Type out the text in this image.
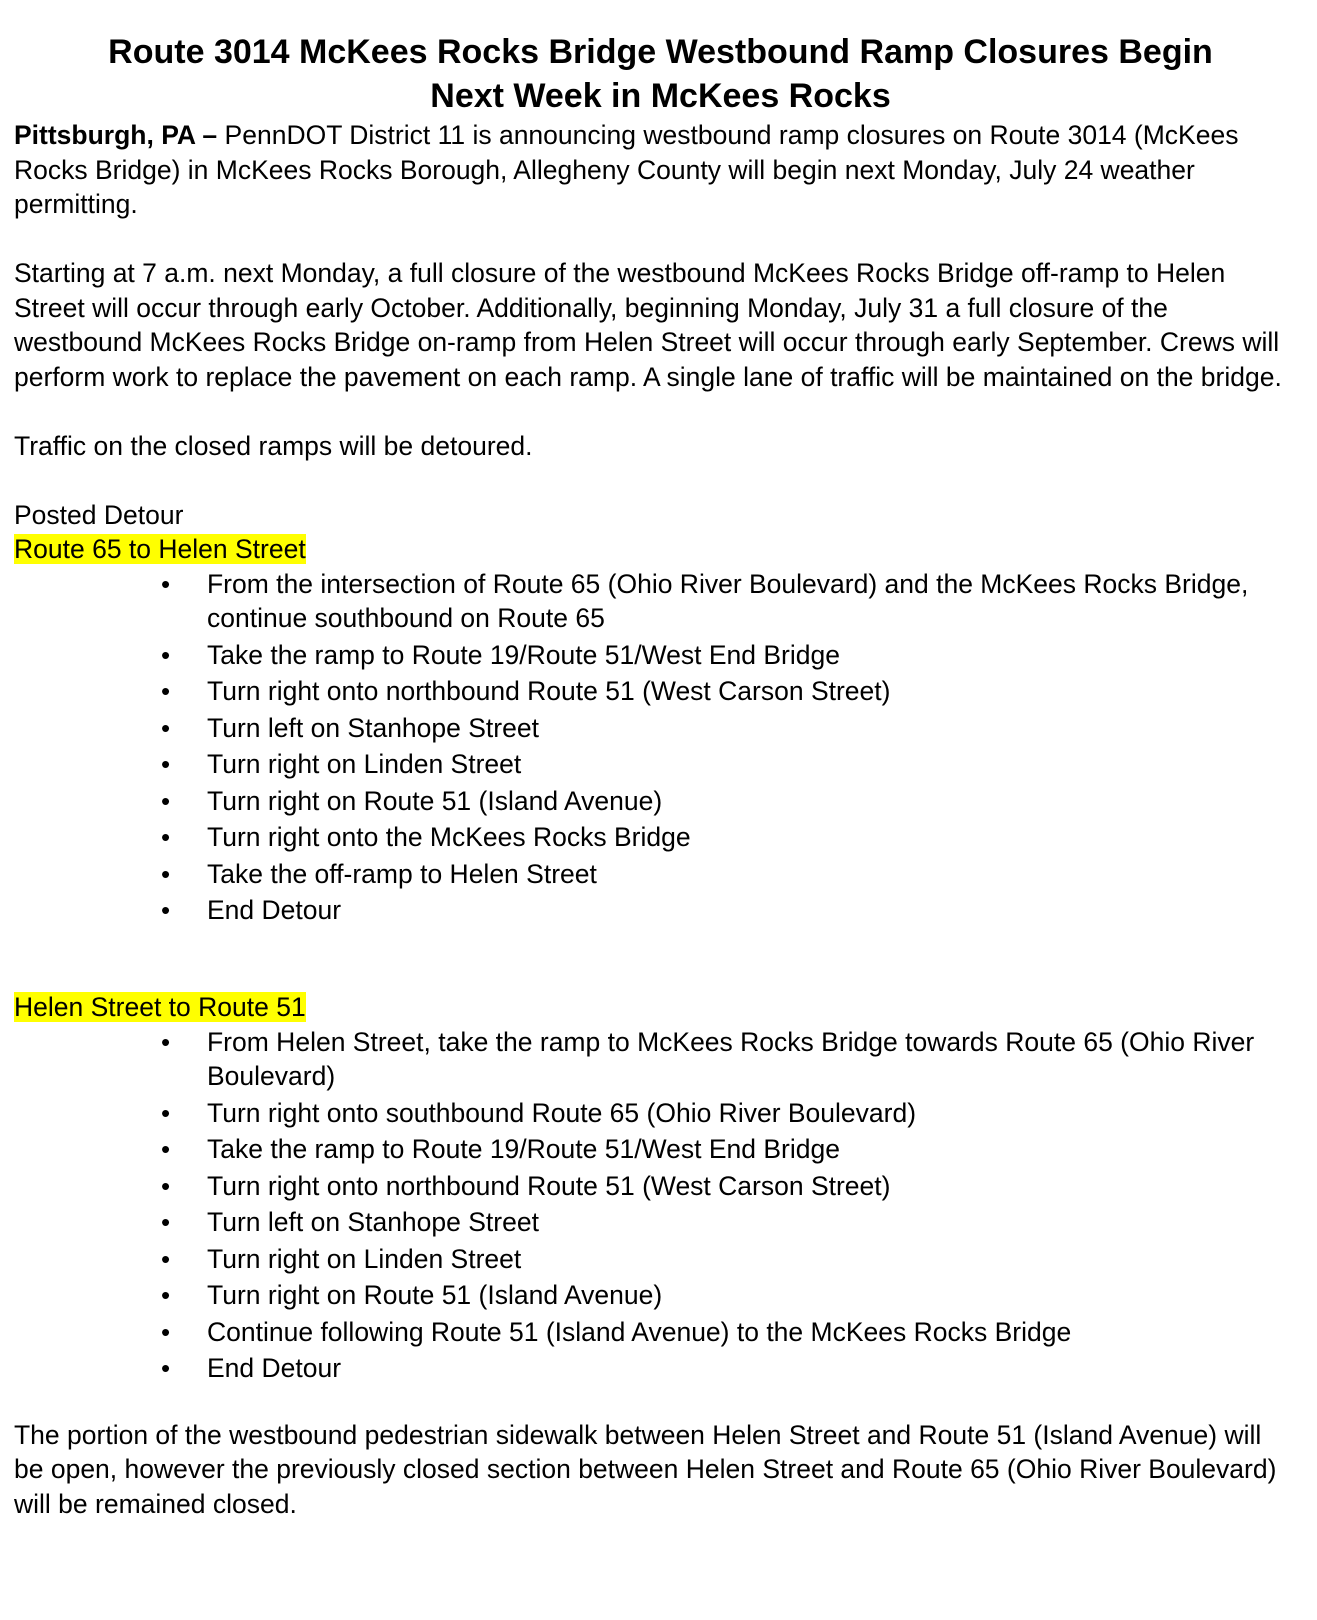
Route 3014 McKees Rocks Bridge Westbound Ramp Closures Begin
Next Week in McKees Rocks

Pittsburgh, PA – PennDOT District 11 is announcing westbound ramp closures on Route 3014 (McKees Rocks Bridge) in McKees Rocks Borough, Allegheny County will begin next Monday, July 24 weather permitting.

Starting at 7 a.m. next Monday, a full closure of the westbound McKees Rocks Bridge off-ramp to Helen Street will occur through early October. Additionally, beginning Monday, July 31 a full closure of the westbound McKees Rocks Bridge on-ramp from Helen Street will occur through early September. Crews will perform work to replace the pavement on each ramp. A single lane of traffic will be maintained on the bridge.

Traffic on the closed ramps will be detoured.

Posted Detour

Route 65 to Helen Street

• From the intersection of Route 65 (Ohio River Boulevard) and the McKees Rocks Bridge, continue southbound on Route 65
• Take the ramp to Route 19/Route 51/West End Bridge
• Turn right onto northbound Route 51 (West Carson Street)
• Turn left on Stanhope Street
• Turn right on Linden Street
• Turn right on Route 51 (Island Avenue)
• Turn right onto the McKees Rocks Bridge
• Take the off-ramp to Helen Street
• End Detour

Helen Street to Route 51

• From Helen Street, take the ramp to McKees Rocks Bridge towards Route 65 (Ohio River Boulevard)
• Turn right onto southbound Route 65 (Ohio River Boulevard)
• Take the ramp to Route 19/Route 51/West End Bridge
• Turn right onto northbound Route 51 (West Carson Street)
• Turn left on Stanhope Street
• Turn right on Linden Street
• Turn right on Route 51 (Island Avenue)
• Continue following Route 51 (Island Avenue) to the McKees Rocks Bridge
• End Detour

The portion of the westbound pedestrian sidewalk between Helen Street and Route 51 (Island Avenue) will be open, however the previously closed section between Helen Street and Route 65 (Ohio River Boulevard) will be remained closed.
